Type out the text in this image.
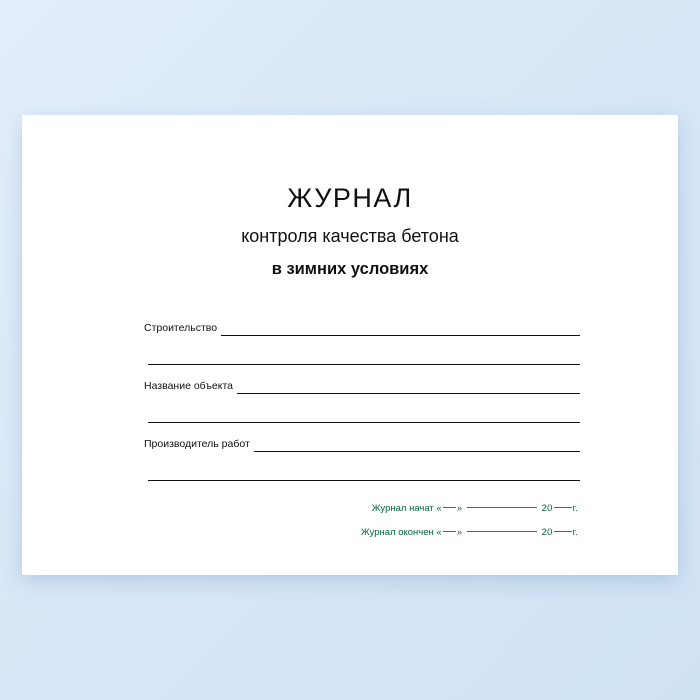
ЖУРНАЛ
контроля качества бетона
в зимних условиях
Строительство
Название объекта
Производитель работ
Журнал начат « »	20 г.
Журнал окончен « »	20 г.
